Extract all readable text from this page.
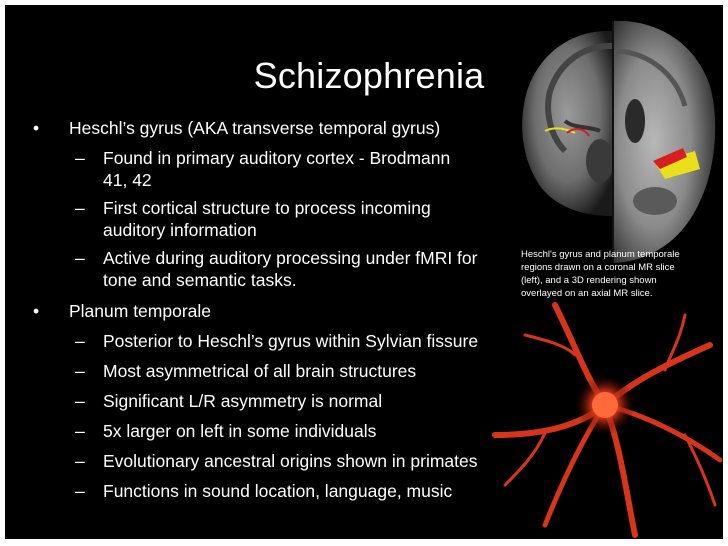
Schizophrenia
• Heschl’s gyrus (AKA transverse temporal gyrus)
– Found in primary auditory cortex - Brodmann
41, 42
– First cortical structure to process incoming
auditory information
– Active during auditory processing under fMRI for
tone and semantic tasks.
• Planum temporale
– Posterior to Heschl’s gyrus within Sylvian fissure
– Most asymmetrical of all brain structures
– Significant L/R asymmetry is normal
– 5x larger on left in some individuals
– Evolutionary ancestral origins shown in primates
– Functions in sound location, language, music
Heschl's gyrus and planum temporale
regions drawn on a coronal MR slice
(left), and a 3D rendering shown
overlayed on an axial MR slice.
